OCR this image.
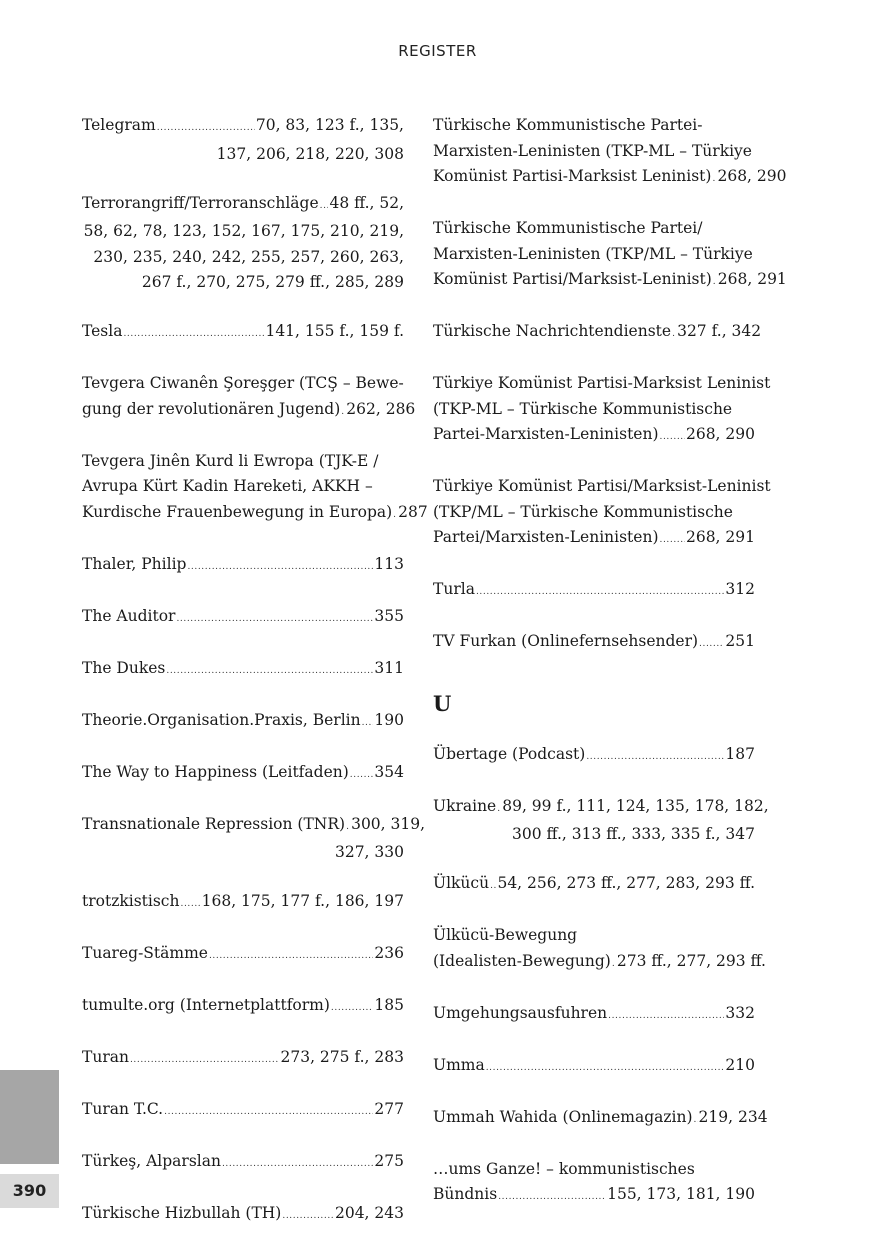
REGISTER
Telegram .....	70, 83, 123 f., 135,
137, 206, 218, 220, 308
Terrorangriff/Terroranschläge ..... 48 ff., 52,
58, 62, 78, 123, 152, 167, 175, 210, 219,
230, 235, 240, 242, 255, 257, 260, 263,
267 f., 270, 275, 279 ff., 285, 289
Tesla .....	141, 155 f., 159 f.
Tevgera Ciwanên Şoreşger (TCŞ – Bewe-
gung der revolutionären Jugend) ..... 262, 286
Tevgera Jinên Kurd li Ewropa (TJK-E /
Avrupa Kürt Kadin Hareketi, AKKH –
Kurdische Frauenbewegung in Europa) ..... 287
Thaler, Philip .....	113
The Auditor .....	355
The Dukes .....	311
Theorie.Organisation.Praxis, Berlin ..... 190
The Way to Happiness (Leitfaden) ..... 354
Transnationale Repression (TNR) ..... 300, 319,
327, 330
trotzkistisch ..... 168, 175, 177 f., 186, 197
Tuareg-Stämme .....	236
tumulte.org (Internetplattform) .....	185
Turan .....	273, 275 f., 283
Turan T.C. .....	277
Türkeş, Alparslan .....	275
Türkische Hizbullah (TH) .....	204, 243
Türkische Kommunistische Partei-
Marxisten-Leninisten (TKP-ML – Türkiye
Komünist Partisi-Marksist Leninist) ..... 268, 290
Türkische Kommunistische Partei/
Marxisten-Leninisten (TKP/ML – Türkiye
Komünist Partisi/Marksist-Leninist) ..... 268, 291
Türkische Nachrichtendienste ..... 327 f., 342
Türkiye Komünist Partisi-Marksist Leninist
(TKP-ML – Türkische Kommunistische
Partei-Marxisten-Leninisten) ..... 268, 290
Türkiye Komünist Partisi/Marksist-Leninist
(TKP/ML – Türkische Kommunistische
Partei/Marxisten-Leninisten) ..... 268, 291
Turla .....	312
TV Furkan (Onlinefernsehsender) ..... 251
U
Übertage (Podcast) .....	187
Ukraine ..... 89, 99 f., 111, 124, 135, 178, 182,
300 ff., 313 ff., 333, 335 f., 347
Ülkücü ..... 54, 256, 273 ff., 277, 283, 293 ff.
Ülkücü-Bewegung
(Idealisten-Bewegung) ..... 273 ff., 277, 293 ff.
Umgehungsausfuhren .....	332
Umma .....	210
Ummah Wahida (Onlinemagazin) ..... 219, 234
…ums Ganze! – kommunistisches
Bündnis .....	155, 173, 181, 190
390
